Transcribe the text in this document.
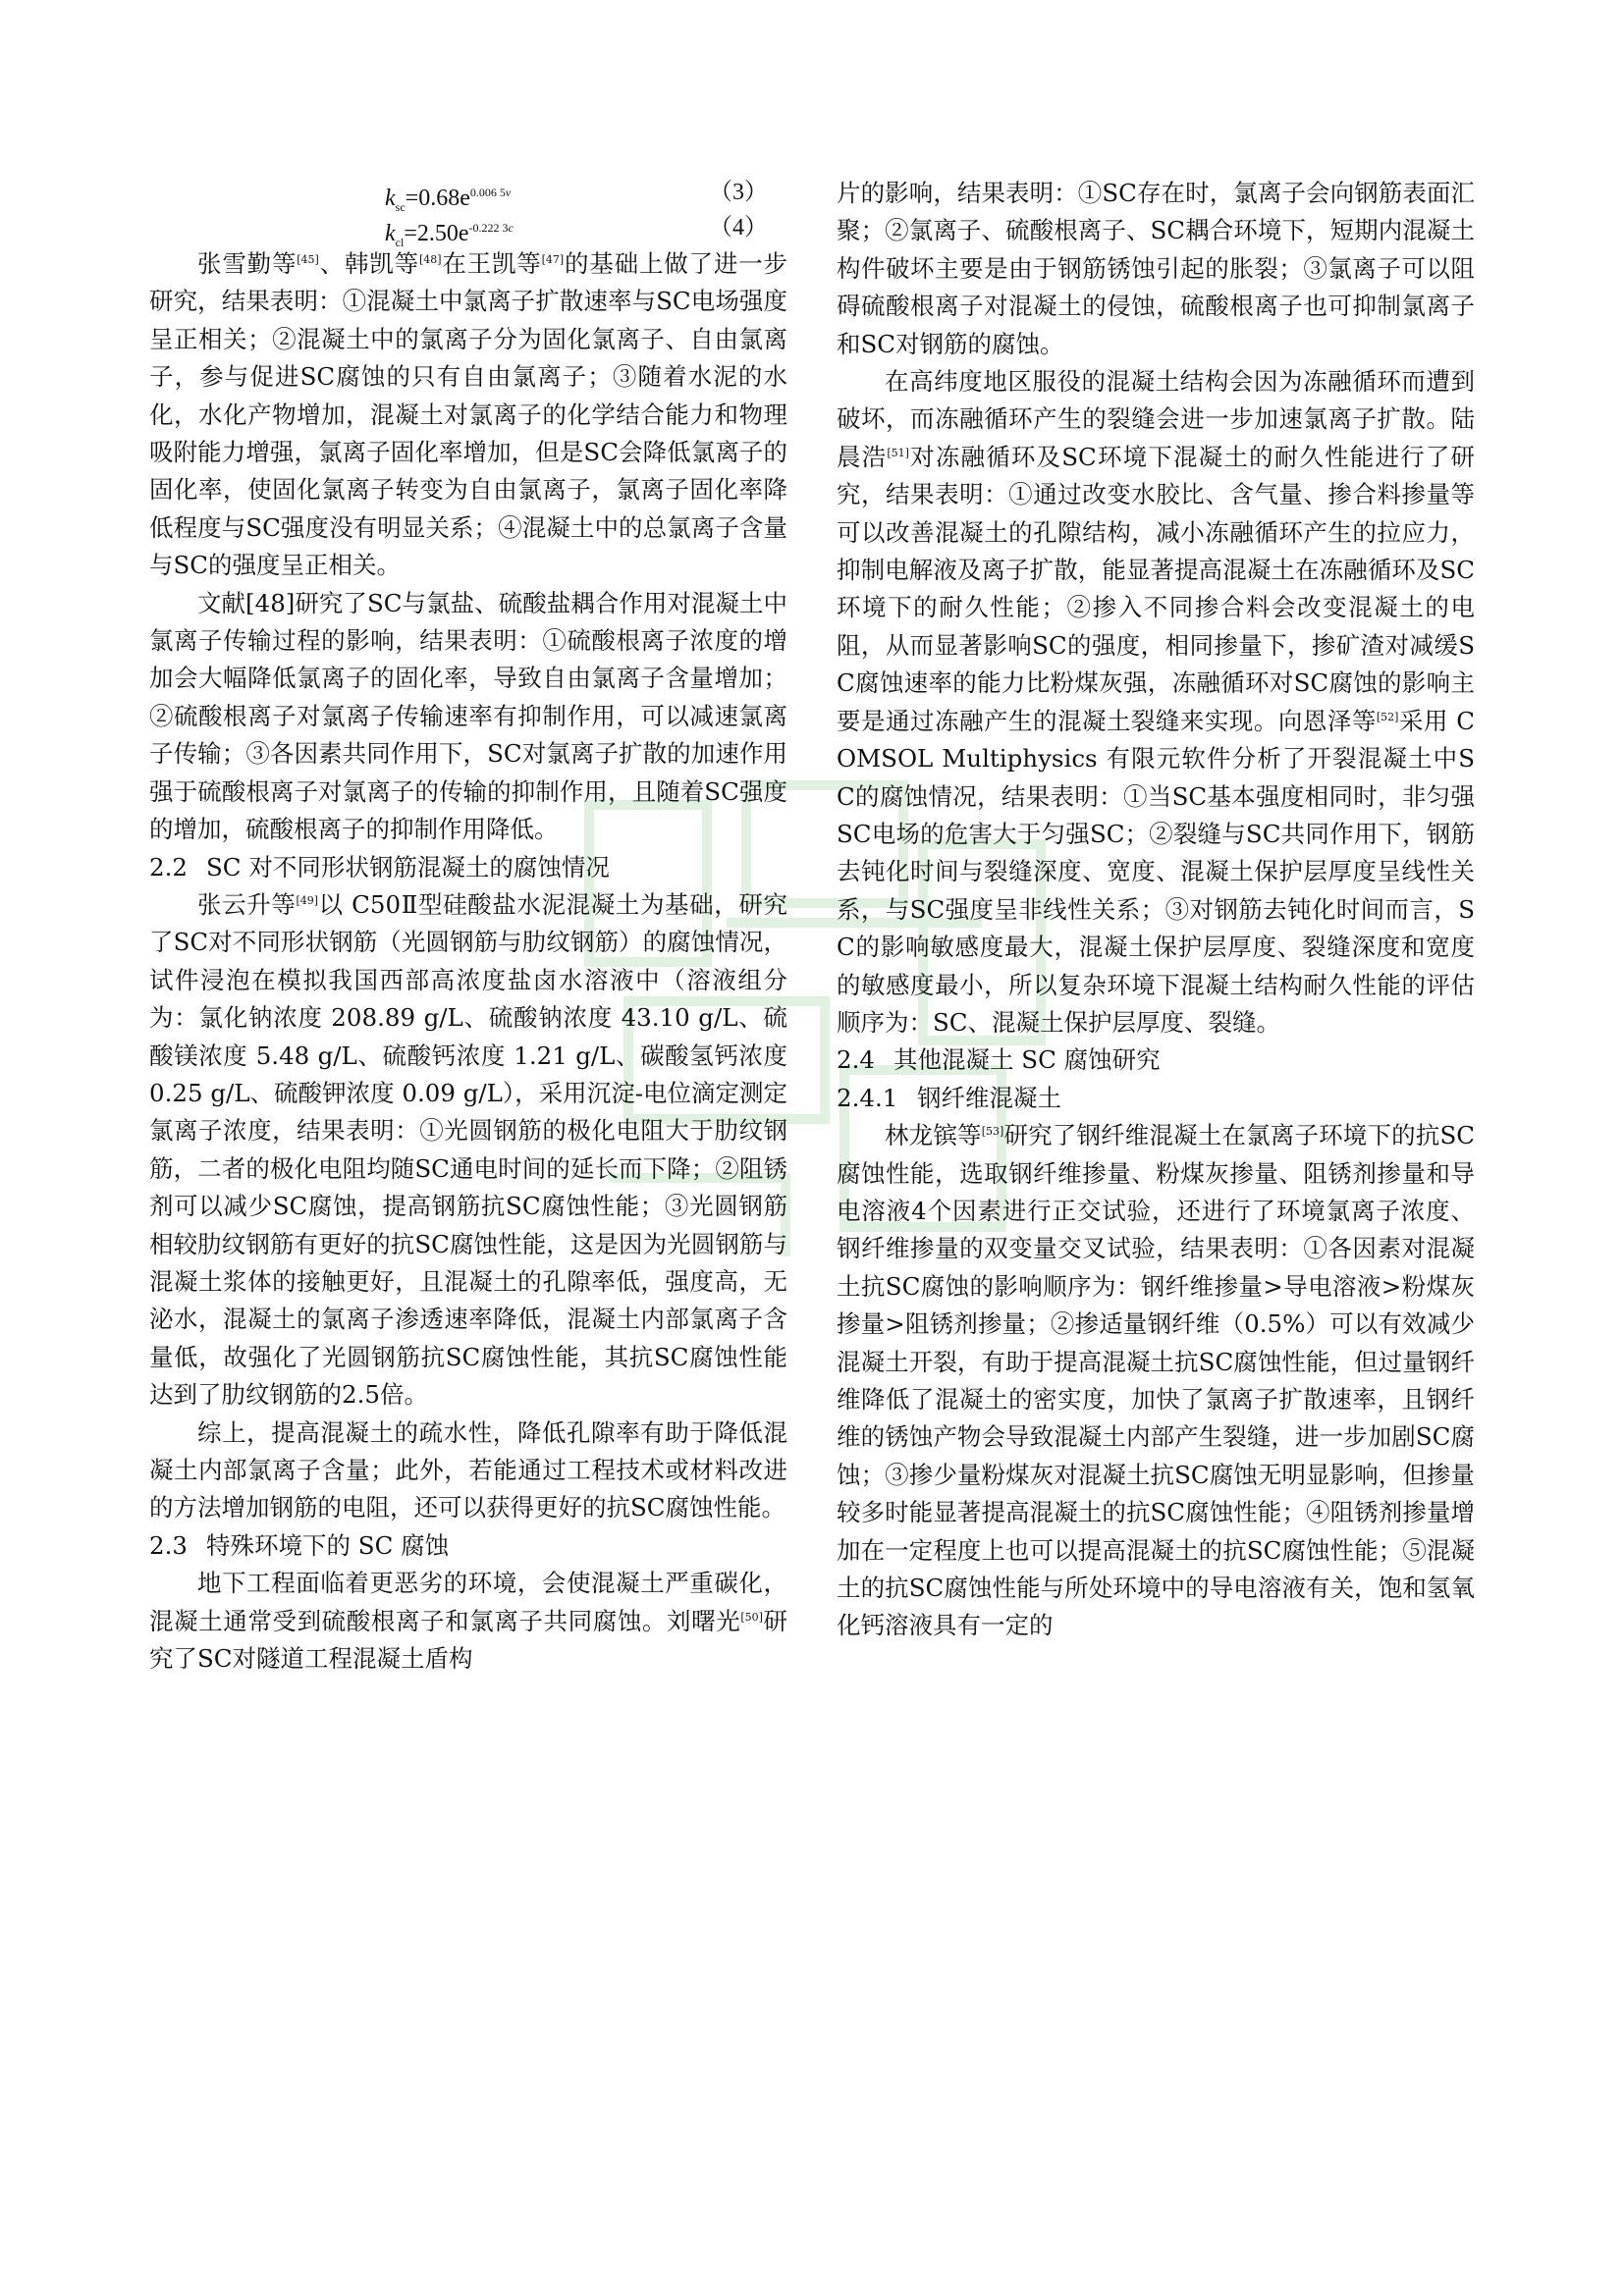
$k_{sc}=0.68e^{0.006 5v}$	（3）
$k_{cl}=2.50e^{-0.222 3c}$	（4）

张雪勤等[45]、韩凯等[48]在王凯等[47]的基础上做了进一步研究，结果表明：①混凝土中氯离子扩散速率与SC电场强度呈正相关；②混凝土中的氯离子分为固化氯离子、自由氯离子，参与促进SC腐蚀的只有自由氯离子；③随着水泥的水化，水化产物增加，混凝土对氯离子的化学结合能力和物理吸附能力增强，氯离子固化率增加，但是SC会降低氯离子的固化率，使固化氯离子转变为自由氯离子，氯离子固化率降低程度与SC强度没有明显关系；④混凝土中的总氯离子含量与SC的强度呈正相关。

文献[48]研究了SC与氯盐、硫酸盐耦合作用对混凝土中氯离子传输过程的影响，结果表明：①硫酸根离子浓度的增加会大幅降低氯离子的固化率，导致自由氯离子含量增加；②硫酸根离子对氯离子传输速率有抑制作用，可以减速氯离子传输；③各因素共同作用下，SC对氯离子扩散的加速作用强于硫酸根离子对氯离子的传输的抑制作用，且随着SC强度的增加，硫酸根离子的抑制作用降低。

2.2 SC 对不同形状钢筋混凝土的腐蚀情况

张云升等[49]以 C50Ⅱ型硅酸盐水泥混凝土为基础，研究了SC对不同形状钢筋（光圆钢筋与肋纹钢筋）的腐蚀情况，试件浸泡在模拟我国西部高浓度盐卤水溶液中（溶液组分为：氯化钠浓度 208.89 g/L、硫酸钠浓度 43.10 g/L、硫酸镁浓度 5.48 g/L、硫酸钙浓度 1.21 g/L、碳酸氢钙浓度 0.25 g/L、硫酸钾浓度 0.09 g/L），采用沉淀-电位滴定测定氯离子浓度，结果表明：①光圆钢筋的极化电阻大于肋纹钢筋，二者的极化电阻均随SC通电时间的延长而下降；②阻锈剂可以减少SC腐蚀，提高钢筋抗SC腐蚀性能；③光圆钢筋相较肋纹钢筋有更好的抗SC腐蚀性能，这是因为光圆钢筋与混凝土浆体的接触更好，且混凝土的孔隙率低，强度高，无泌水，混凝土的氯离子渗透速率降低，混凝土内部氯离子含量低，故强化了光圆钢筋抗SC腐蚀性能，其抗SC腐蚀性能达到了肋纹钢筋的2.5倍。

综上，提高混凝土的疏水性，降低孔隙率有助于降低混凝土内部氯离子含量；此外，若能通过工程技术或材料改进的方法增加钢筋的电阻，还可以获得更好的抗SC腐蚀性能。

2.3 特殊环境下的 SC 腐蚀

地下工程面临着更恶劣的环境，会使混凝土严重碳化，混凝土通常受到硫酸根离子和氯离子共同腐蚀。刘曙光[50]研究了SC对隧道工程混凝土盾构

片的影响，结果表明：①SC存在时，氯离子会向钢筋表面汇聚；②氯离子、硫酸根离子、SC耦合环境下，短期内混凝土构件破坏主要是由于钢筋锈蚀引起的胀裂；③氯离子可以阻碍硫酸根离子对混凝土的侵蚀，硫酸根离子也可抑制氯离子和SC对钢筋的腐蚀。

在高纬度地区服役的混凝土结构会因为冻融循环而遭到破坏，而冻融循环产生的裂缝会进一步加速氯离子扩散。陆晨浩[51]对冻融循环及SC环境下混凝土的耐久性能进行了研究，结果表明：①通过改变水胶比、含气量、掺合料掺量等可以改善混凝土的孔隙结构，减小冻融循环产生的拉应力，抑制电解液及离子扩散，能显著提高混凝土在冻融循环及SC环境下的耐久性能；②掺入不同掺合料会改变混凝土的电阻，从而显著影响SC的强度，相同掺量下，掺矿渣对减缓SC腐蚀速率的能力比粉煤灰强，冻融循环对SC腐蚀的影响主要是通过冻融产生的混凝土裂缝来实现。向恩泽等[52]采用 COMSOL Multiphysics 有限元软件分析了开裂混凝土中SC的腐蚀情况，结果表明：①当SC基本强度相同时，非匀强SC电场的危害大于匀强SC；②裂缝与SC共同作用下，钢筋去钝化时间与裂缝深度、宽度、混凝土保护层厚度呈线性关系，与SC强度呈非线性关系；③对钢筋去钝化时间而言，SC的影响敏感度最大，混凝土保护层厚度、裂缝深度和宽度的敏感度最小，所以复杂环境下混凝土结构耐久性能的评估顺序为：SC、混凝土保护层厚度、裂缝。

2.4 其他混凝土 SC 腐蚀研究
2.4.1 钢纤维混凝土

林龙镔等[53]研究了钢纤维混凝土在氯离子环境下的抗SC腐蚀性能，选取钢纤维掺量、粉煤灰掺量、阻锈剂掺量和导电溶液4个因素进行正交试验，还进行了环境氯离子浓度、钢纤维掺量的双变量交叉试验，结果表明：①各因素对混凝土抗SC腐蚀的影响顺序为：钢纤维掺量>导电溶液>粉煤灰掺量>阻锈剂掺量；②掺适量钢纤维（0.5%）可以有效减少混凝土开裂，有助于提高混凝土抗SC腐蚀性能，但过量钢纤维降低了混凝土的密实度，加快了氯离子扩散速率，且钢纤维的锈蚀产物会导致混凝土内部产生裂缝，进一步加剧SC腐蚀；③掺少量粉煤灰对混凝土抗SC腐蚀无明显影响，但掺量较多时能显著提高混凝土的抗SC腐蚀性能；④阻锈剂掺量增加在一定程度上也可以提高混凝土的抗SC腐蚀性能；⑤混凝土的抗SC腐蚀性能与所处环境中的导电溶液有关，饱和氢氧化钙溶液具有一定的
